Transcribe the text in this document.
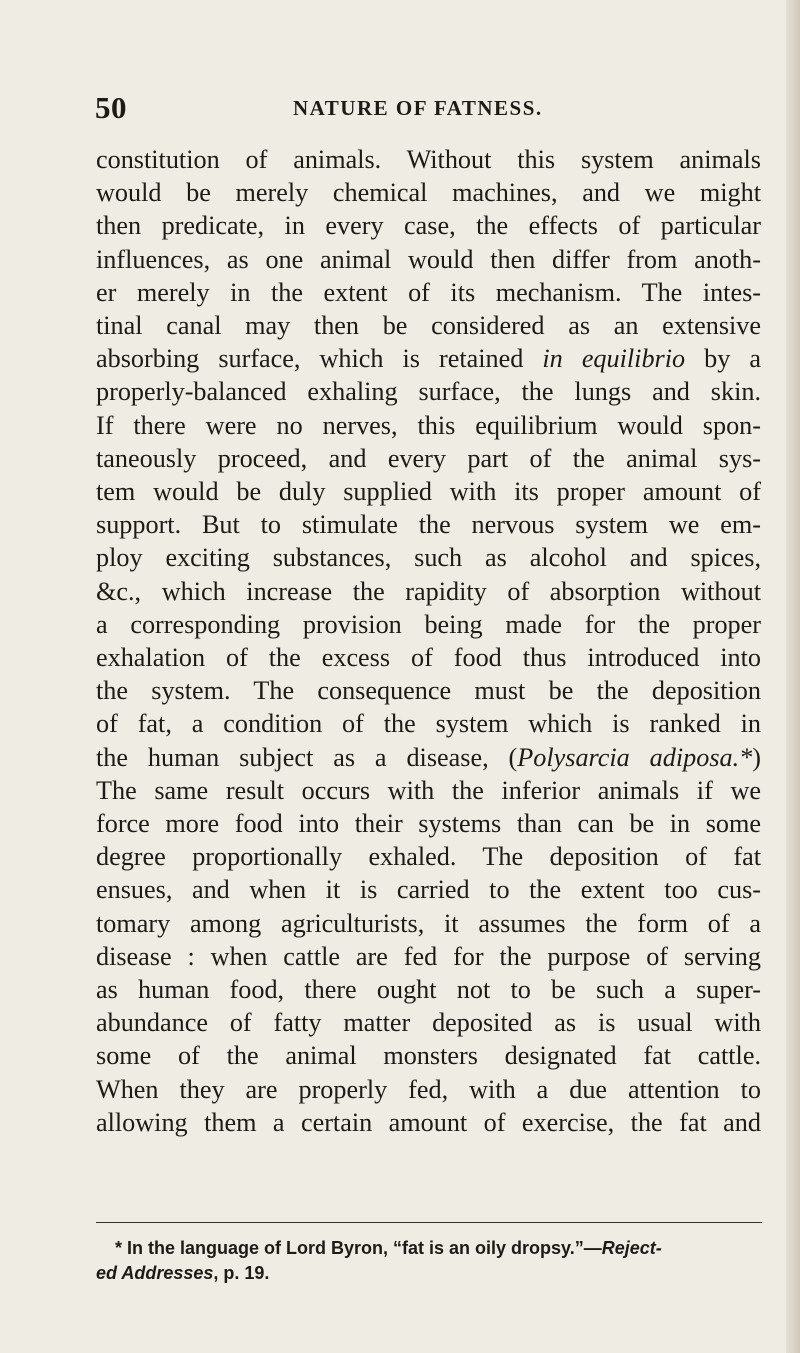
50	NATURE OF FATNESS.
constitution of animals. Without this system animals
would be merely chemical machines, and we might
then predicate, in every case, the effects of particular
influences, as one animal would then differ from anoth-
er merely in the extent of its mechanism. The intes-
tinal canal may then be considered as an extensive
absorbing surface, which is retained in equilibrio by a
properly-balanced exhaling surface, the lungs and skin.
If there were no nerves, this equilibrium would spon-
taneously proceed, and every part of the animal sys-
tem would be duly supplied with its proper amount of
support. But to stimulate the nervous system we em-
ploy exciting substances, such as alcohol and spices,
&c., which increase the rapidity of absorption without
a corresponding provision being made for the proper
exhalation of the excess of food thus introduced into
the system. The consequence must be the deposition
of fat, a condition of the system which is ranked in
the human subject as a disease, (Polysarcia adiposa.*)
The same result occurs with the inferior animals if we
force more food into their systems than can be in some
degree proportionally exhaled. The deposition of fat
ensues, and when it is carried to the extent too cus-
tomary among agriculturists, it assumes the form of a
disease : when cattle are fed for the purpose of serving
as human food, there ought not to be such a super-
abundance of fatty matter deposited as is usual with
some of the animal monsters designated fat cattle.
When they are properly fed, with a due attention to
allowing them a certain amount of exercise, the fat and
* In the language of Lord Byron, “fat is an oily dropsy.”—Reject-
ed Addresses, p. 19.
